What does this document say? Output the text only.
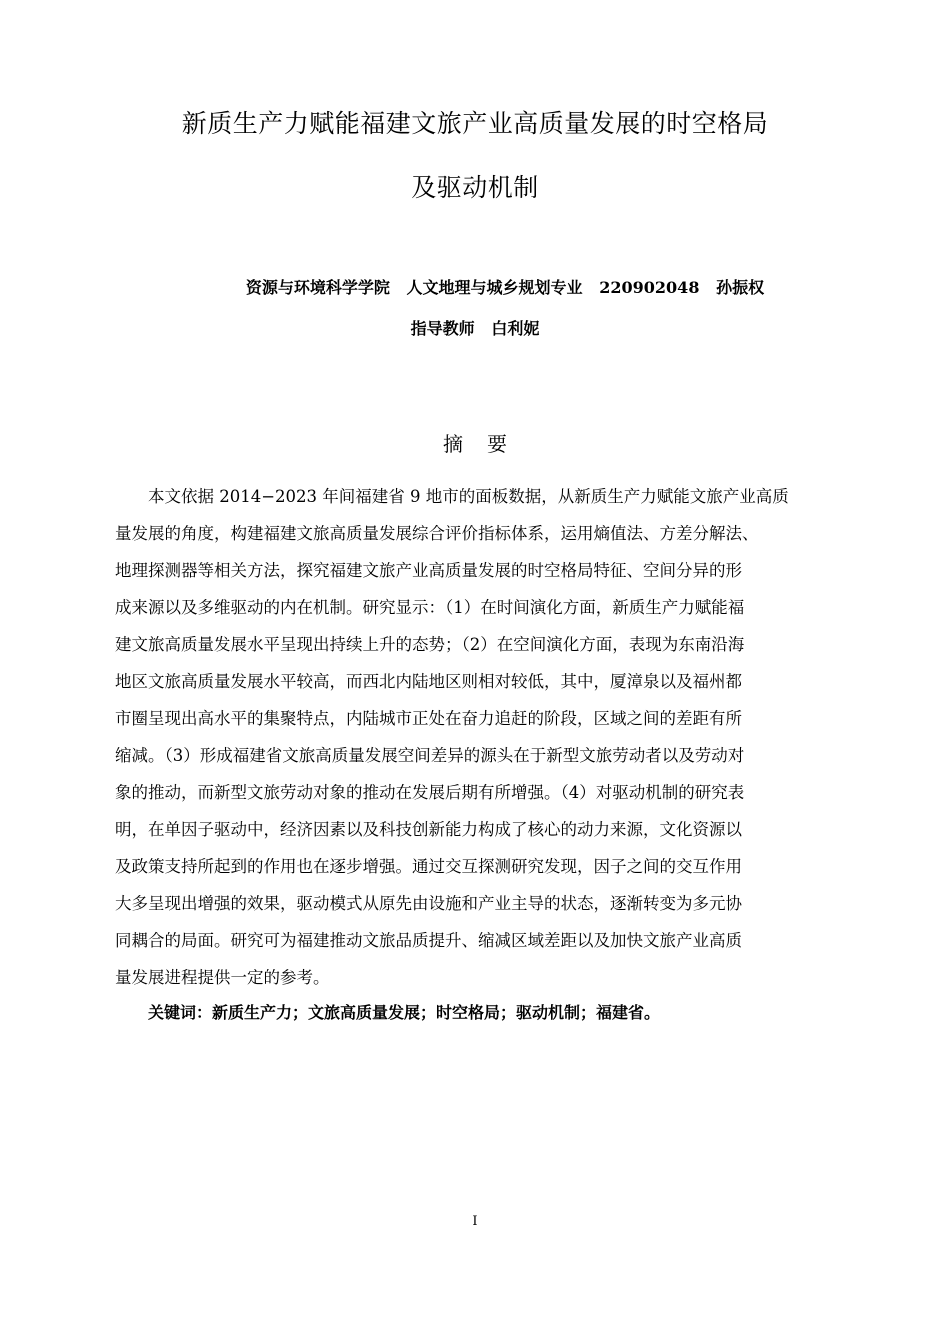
新质生产力赋能福建文旅产业高质量发展的时空格局
及驱动机制
资源与环境科学学院   人文地理与城乡规划专业   220902048   孙振权
指导教师   白利妮
摘要
本文依据 2014−2023 年间福建省 9 地市的面板数据，从新质生产力赋能文旅产业高质
量发展的角度，构建福建文旅高质量发展综合评价指标体系，运用熵值法、方差分解法、
地理探测器等相关方法，探究福建文旅产业高质量发展的时空格局特征、空间分异的形
成来源以及多维驱动的内在机制。研究显示：（1）在时间演化方面，新质生产力赋能福
建文旅高质量发展水平呈现出持续上升的态势；（2）在空间演化方面，表现为东南沿海
地区文旅高质量发展水平较高，而西北内陆地区则相对较低，其中，厦漳泉以及福州都
市圈呈现出高水平的集聚特点，内陆城市正处在奋力追赶的阶段，区域之间的差距有所
缩减。（3）形成福建省文旅高质量发展空间差异的源头在于新型文旅劳动者以及劳动对
象的推动，而新型文旅劳动对象的推动在发展后期有所增强。（4）对驱动机制的研究表
明，在单因子驱动中，经济因素以及科技创新能力构成了核心的动力来源，文化资源以
及政策支持所起到的作用也在逐步增强。通过交互探测研究发现，因子之间的交互作用
大多呈现出增强的效果，驱动模式从原先由设施和产业主导的状态，逐渐转变为多元协
同耦合的局面。研究可为福建推动文旅品质提升、缩减区域差距以及加快文旅产业高质
量发展进程提供一定的参考。
关键词：新质生产力；文旅高质量发展；时空格局；驱动机制；福建省。
I
